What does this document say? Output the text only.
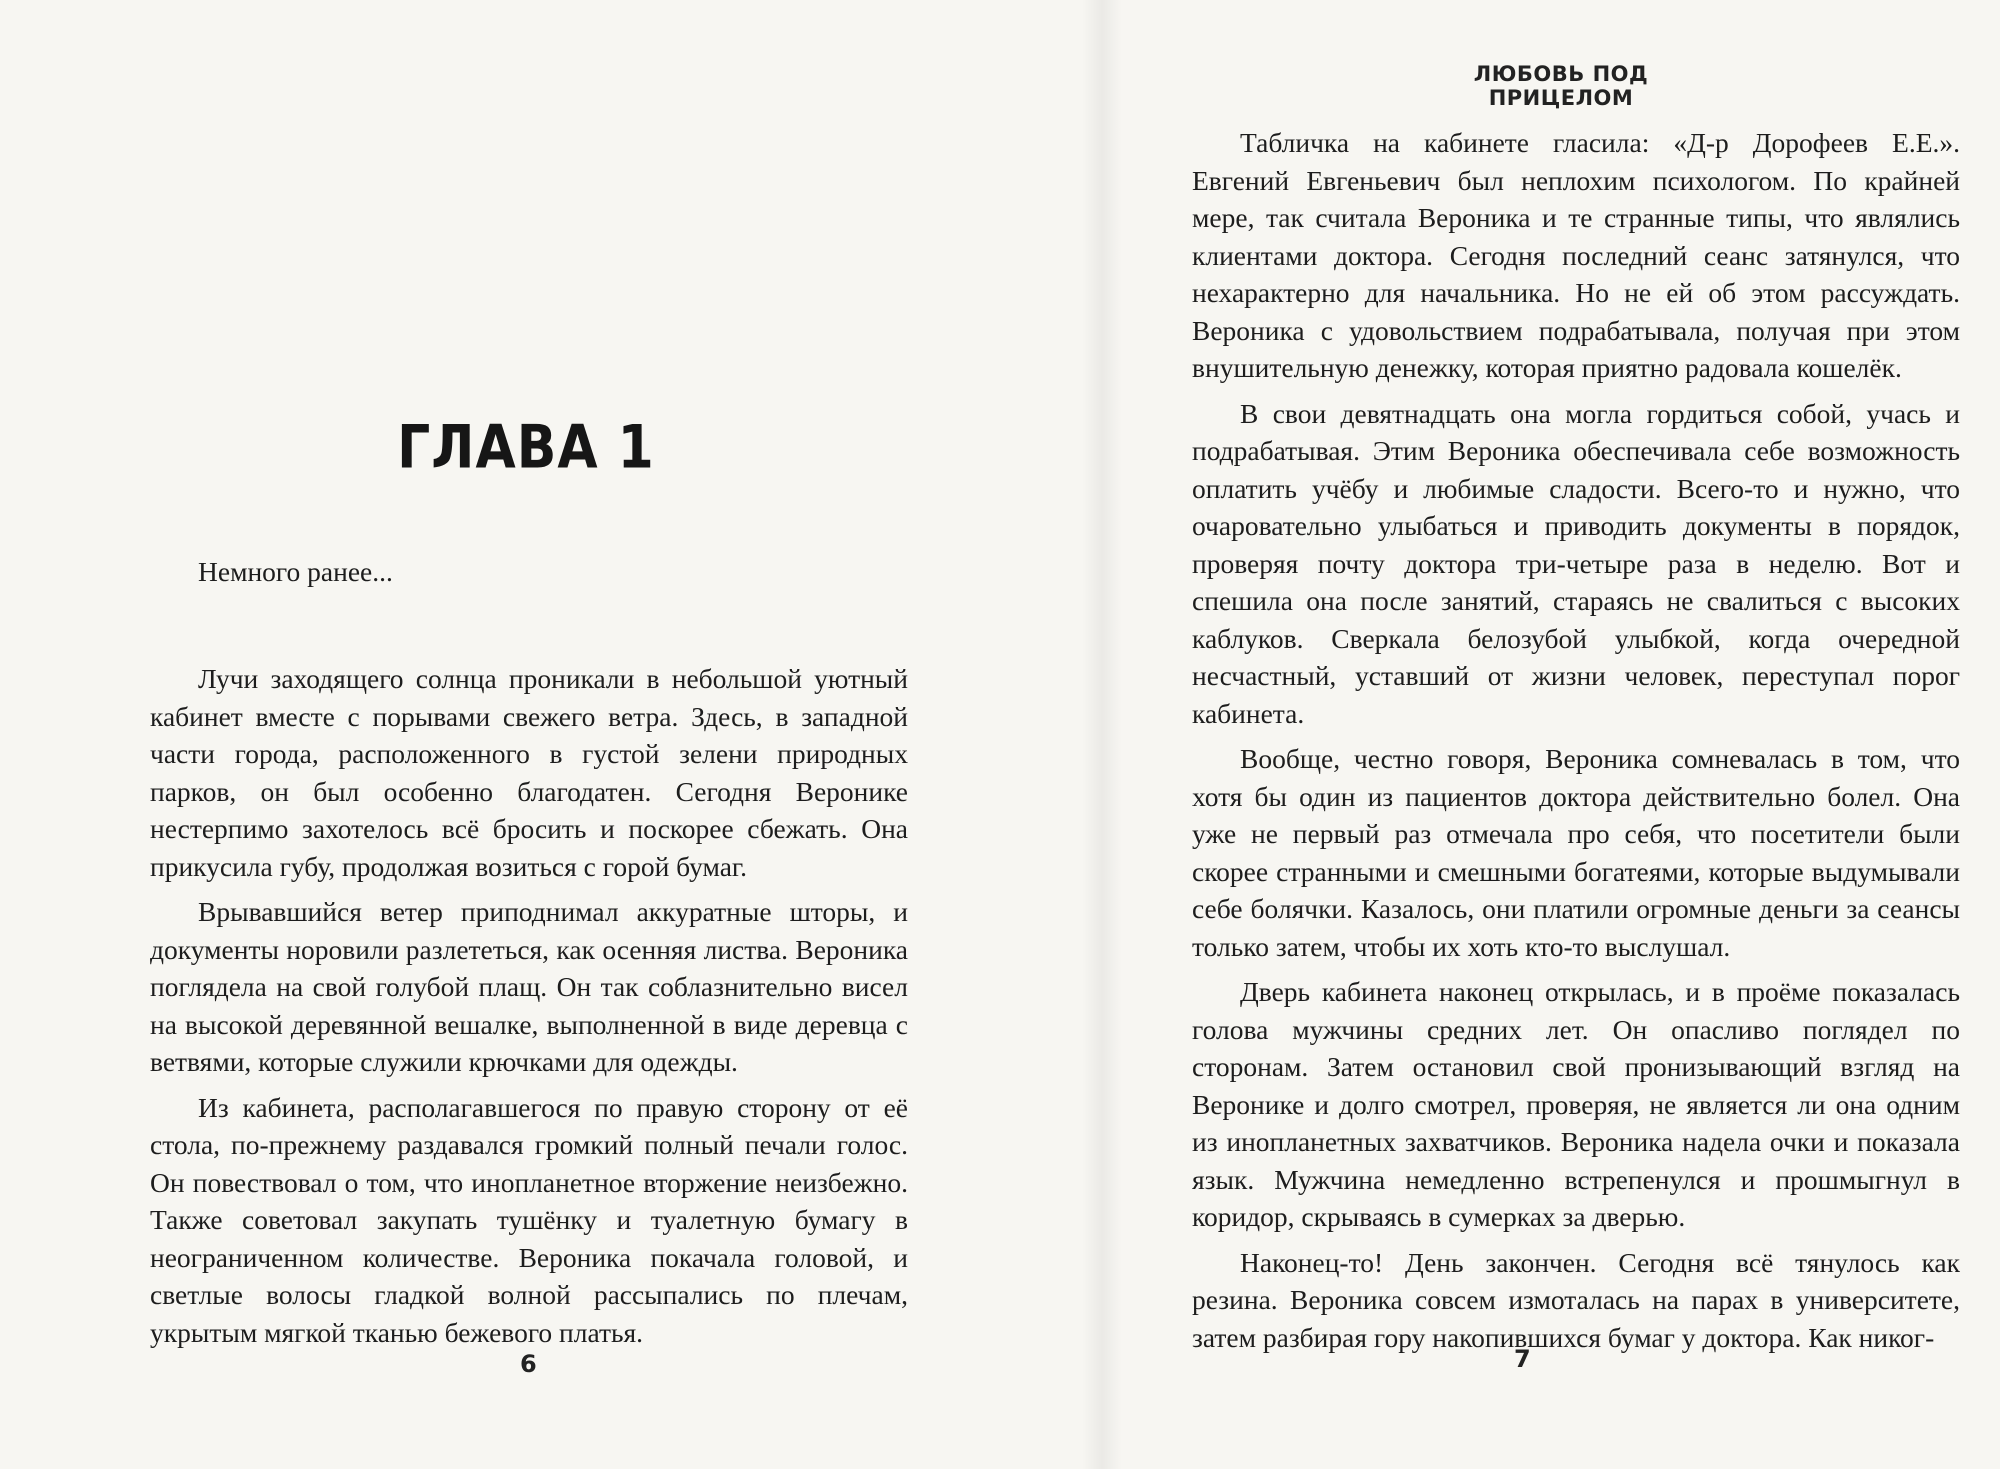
ГЛАВА 1
Немного ранее...

Лучи заходящего солнца проникали в небольшой уютный кабинет вместе с порывами свежего ветра. Здесь, в западной части города, расположенного в густой зелени природных парков, он был особенно благодатен. Сегодня Веронике нестерпимо захотелось всё бросить и поскорее сбежать. Она прикусила губу, продолжая возиться с горой бумаг.

Врывавшийся ветер приподнимал аккуратные шторы, и документы норовили разлететься, как осенняя листва. Вероника поглядела на свой голубой плащ. Он так соблазнительно висел на высокой деревянной вешалке, выполненной в виде деревца с ветвями, которые служили крючками для одежды.

Из кабинета, располагавшегося по правую сторону от её стола, по-прежнему раздавался громкий полный печали голос. Он повествовал о том, что инопланетное вторжение неизбежно. Также советовал закупать тушёнку и туалетную бумагу в неограниченном количестве. Вероника покачала головой, и светлые волосы гладкой волной рассыпались по плечам, укрытым мягкой тканью бежевого платья.

6
ЛЮБОВЬ ПОД ПРИЦЕЛОМ

Табличка на кабинете гласила: «Д-р Дорофеев Е.Е.». Евгений Евгеньевич был неплохим психологом. По крайней мере, так считала Вероника и те странные типы, что являлись клиентами доктора. Сегодня последний сеанс затянулся, что нехарактерно для начальника. Но не ей об этом рассуждать. Вероника с удовольствием подрабатывала, получая при этом внушительную денежку, которая приятно радовала кошелёк.

В свои девятнадцать она могла гордиться собой, учась и подрабатывая. Этим Вероника обеспечивала себе возможность оплатить учёбу и любимые сладости. Всего-то и нужно, что очаровательно улыбаться и приводить документы в порядок, проверяя почту доктора три-четыре раза в неделю. Вот и спешила она после занятий, стараясь не свалиться с высоких каблуков. Сверкала белозубой улыбкой, когда очередной несчастный, уставший от жизни человек, переступал порог кабинета.

Вообще, честно говоря, Вероника сомневалась в том, что хотя бы один из пациентов доктора действительно болел. Она уже не первый раз отмечала про себя, что посетители были скорее странными и смешными богатеями, которые выдумывали себе болячки. Казалось, они платили огромные деньги за сеансы только затем, чтобы их хоть кто-то выслушал.

Дверь кабинета наконец открылась, и в проёме показалась голова мужчины средних лет. Он опасливо поглядел по сторонам. Затем остановил свой пронизывающий взгляд на Веронике и долго смотрел, проверяя, не является ли она одним из инопланетных захватчиков. Вероника надела очки и показала язык. Мужчина немедленно встрепенулся и прошмыгнул в коридор, скрываясь в сумерках за дверью.

Наконец-то! День закончен. Сегодня всё тянулось как резина. Вероника совсем измоталась на парах в университете, затем разбирая гору накопившихся бумаг у доктора. Как никог-

7
